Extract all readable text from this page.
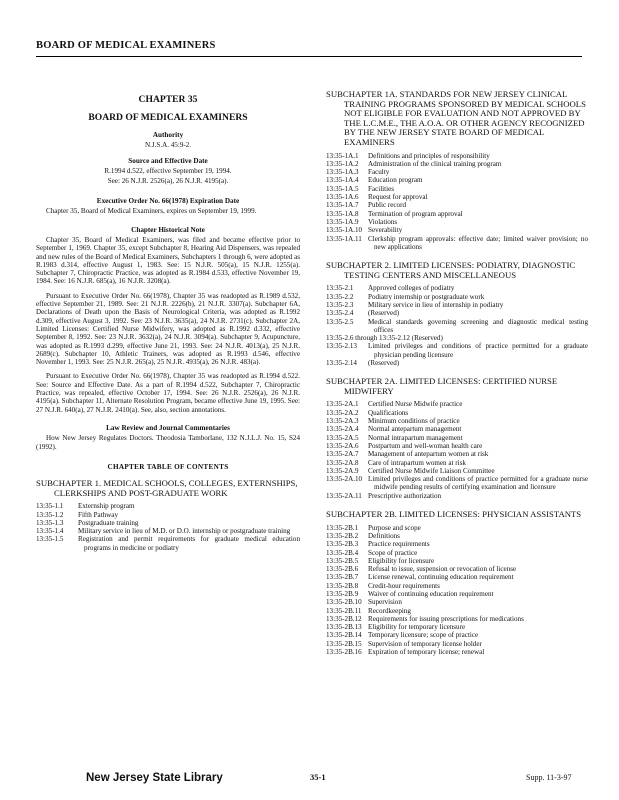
BOARD OF MEDICAL EXAMINERS
CHAPTER 35
BOARD OF MEDICAL EXAMINERS
Authority
N.J.S.A. 45:9-2.
Source and Effective Date
R.1994 d.522, effective September 19, 1994.
See: 26 N.J.R. 2526(a), 26 N.J.R. 4195(a).
Executive Order No. 66(1978) Expiration Date

Chapter 35, Board of Medical Examiners, expires on September 19, 1999.

Chapter Historical Note

Chapter 35, Board of Medical Examiners, was filed and became effective prior to September 1, 1969. Chapter 35, except Subchapter 8, Hearing Aid Dispensers, was repealed and new rules of the Board of Medical Examiners, Subchapters 1 through 6, were adopted as R.1983 d.314, effective August 1, 1983. See: 15 N.J.R. 505(a), 15 N.J.R. 1255(a). Subchapter 7, Chiropractic Practice, was adopted as R.1984 d.533, effective November 19, 1984. See: 16 N.J.R. 685(a), 16 N.J.R. 3208(a).

Pursuant to Executive Order No. 66(1978), Chapter 35 was readopted as R.1989 d.532, effective September 21, 1989. See: 21 N.J.R. 2226(b), 21 N.J.R. 3307(a). Subchapter 6A, Declarations of Death upon the Basis of Neurological Criteria, was adopted as R.1992 d.309, effective August 3, 1992. See: 23 N.J.R. 3635(a), 24 N.J.R. 2731(c). Subchapter 2A, Limited Licenses: Certified Nurse Midwifery, was adopted as R.1992 d.332, effective September 8, 1992. See: 23 N.J.R. 3632(a), 24 N.J.R. 3094(a). Subchapter 9, Acupuncture, was adopted as R.1993 d.299, effective June 21, 1993. See: 24 N.J.R. 4013(a), 25 N.J.R. 2689(c). Subchapter 10, Athletic Trainers, was adopted as R.1993 d.546, effective November 1, 1993. See: 25 N.J.R. 265(a), 25 N.J.R. 4935(a), 26 N.J.R. 483(a).

Pursuant to Executive Order No. 66(1978), Chapter 35 was readopted as R.1994 d.522. See: Source and Effective Date. As a part of R.1994 d.522, Subchapter 7, Chiropractic Practice, was repealed, effective October 17, 1994. See: 26 N.J.R. 2526(a), 26 N.J.R. 4195(a). Subchapter 11, Alternate Resolution Program, became effective June 19, 1995. See: 27 N.J.R. 640(a), 27 N.J.R. 2410(a). See, also, section annotations.

Law Review and Journal Commentaries

How New Jersey Regulates Doctors. Theodosia Tamborlane, 132 N.J.L.J. No. 15, S24 (1992).

CHAPTER TABLE OF CONTENTS
SUBCHAPTER 1. MEDICAL SCHOOLS, COLLEGES, EXTERNSHIPS, CLERKSHIPS AND POST-GRADUATE WORK
13:35-1.1	Externship program
13:35-1.2	Fifth Pathway
13:35-1.3	Postgraduate training
13:35-1.4	Military service in lieu of M.D. or D.O. internship or postgraduate training
13:35-1.5	Registration and permit requirements for graduate medical education programs in medicine or podiatry
SUBCHAPTER 1A. STANDARDS FOR NEW JERSEY CLINICAL TRAINING PROGRAMS SPONSORED BY MEDICAL SCHOOLS NOT ELIGIBLE FOR EVALUATION AND NOT APPROVED BY THE L.C.M.E., THE A.O.A. OR OTHER AGENCY RECOGNIZED BY THE NEW JERSEY STATE BOARD OF MEDICAL EXAMINERS
13:35-1A.1	Definitions and principles of responsibility
13:35-1A.2	Administration of the clinical training program
13:35-1A.3	Faculty
13:35-1A.4	Education program
13:35-1A.5	Facilities
13:35-1A.6	Request for approval
13:35-1A.7	Public record
13:35-1A.8	Termination of program approval
13:35-1A.9	Violations
13:35-1A.10 Severability
13:35-1A.11 Clerkship program approvals: effective date; limited waiver provision; no new applications
SUBCHAPTER 2. LIMITED LICENSES: PODIATRY, DIAGNOSTIC TESTING CENTERS AND MISCELLANEOUS
13:35-2.1	Approved colleges of podiatry
13:35-2.2	Podiatry internship or postgraduate work
13:35-2.3	Military service in lieu of internship in podiatry
13:35-2.4	(Reserved)
13:35-2.5	Medical standards governing screening and diagnostic medical testing offices
13:35-2.6 through 13:35-2.12 (Reserved)
13:35-2.13	Limited privileges and conditions of practice permitted for a graduate physician pending licensure
13:35-2.14	(Reserved)
SUBCHAPTER 2A. LIMITED LICENSES: CERTIFIED NURSE MIDWIFERY
13:35-2A.1	Certified Nurse Midwife practice
13:35-2A.2	Qualifications
13:35-2A.3	Minimum conditions of practice
13:35-2A.4	Normal antepartum management
13:35-2A.5	Normal intrapartum management
13:35-2A.6	Postpartum and well-woman health care
13:35-2A.7	Management of antepartum women at risk
13:35-2A.8	Care of intrapartum women at risk
13:35-2A.9	Certified Nurse Midwife Liaison Committee
13:35-2A.10 Limited privileges and conditions of practice permitted for a graduate nurse midwife pending results of certifying examination and licensure
13:35-2A.11 Prescriptive authorization
SUBCHAPTER 2B. LIMITED LICENSES: PHYSICIAN ASSISTANTS
13:35-2B.1	Purpose and scope
13:35-2B.2	Definitions
13:35-2B.3	Practice requirements
13:35-2B.4	Scope of practice
13:35-2B.5	Eligibility for licensure
13:35-2B.6	Refusal to issue, suspension or revocation of license
13:35-2B.7	License renewal, continuing education requirement
13:35-2B.8	Credit-hour requirements
13:35-2B.9	Waiver of continuing education requirement
13:35-2B.10 Supervision
13:35-2B.11 Recordkeeping
13:35-2B.12 Requirements for issuing prescriptions for medications
13:35-2B.13 Eligibility for temporary licensure
13:35-2B.14 Temporary licensure; scope of practice
13:35-2B.15 Supervision of temporary license holder
13:35-2B.16 Expiration of temporary license; renewal
New Jersey State Library	35-1	Supp. 11-3-97
